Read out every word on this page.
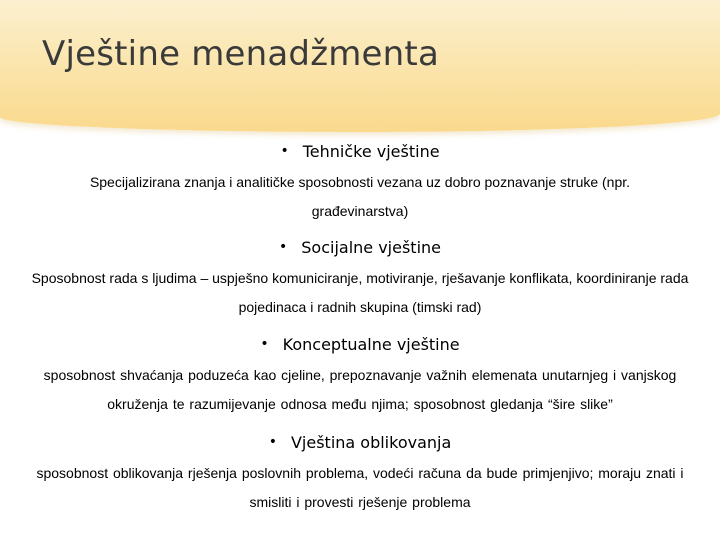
Vještine menadžmenta
• Tehničke vještine
Specijalizirana znanja i analitičke sposobnosti vezana uz dobro poznavanje struke (npr. građevinarstva)
• Socijalne vještine
Sposobnost rada s ljudima – uspješno komuniciranje, motiviranje, rješavanje konflikata, koordiniranje rada pojedinaca i radnih skupina (timski rad)
• Konceptualne vještine
sposobnost shvaćanja poduzeća kao cjeline, prepoznavanje važnih elemenata unutarnjeg i vanjskog okruženja te razumijevanje odnosa među njima; sposobnost gledanja “šire slike”
• Vještina oblikovanja
sposobnost oblikovanja rješenja poslovnih problema, vodeći računa da bude primjenjivo; moraju znati i smisliti i provesti rješenje problema
